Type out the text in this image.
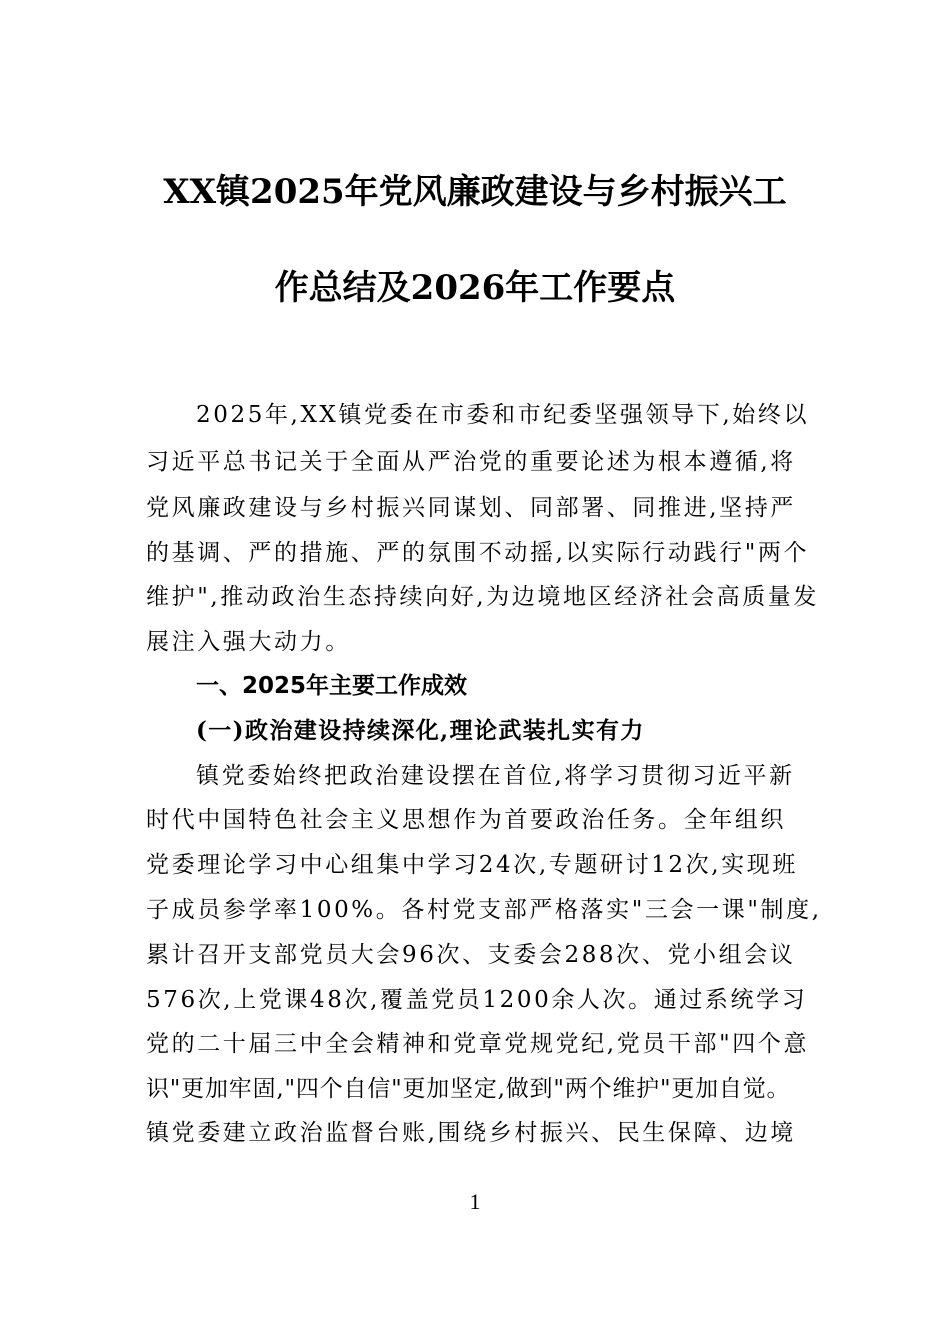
XX镇2025年党风廉政建设与乡村振兴工
作总结及2026年工作要点

2025年,XX镇党委在市委和市纪委坚强领导下,始终以

习近平总书记关于全面从严治党的重要论述为根本遵循,将

党风廉政建设与乡村振兴同谋划、同部署、同推进,坚持严

的基调、严的措施、严的氛围不动摇,以实际行动践行"两个

维护",推动政治生态持续向好,为边境地区经济社会高质量发

展注入强大动力。

一、2025年主要工作成效
(一)政治建设持续深化,理论武装扎实有力

镇党委始终把政治建设摆在首位,将学习贯彻习近平新

时代中国特色社会主义思想作为首要政治任务。全年组织

党委理论学习中心组集中学习24次,专题研讨12次,实现班

子成员参学率100%。各村党支部严格落实"三会一课"制度,

累计召开支部党员大会96次、支委会288次、党小组会议

576次,上党课48次,覆盖党员1200余人次。通过系统学习

党的二十届三中全会精神和党章党规党纪,党员干部"四个意

识"更加牢固,"四个自信"更加坚定,做到"两个维护"更加自觉。

镇党委建立政治监督台账,围绕乡村振兴、民生保障、边境

1
